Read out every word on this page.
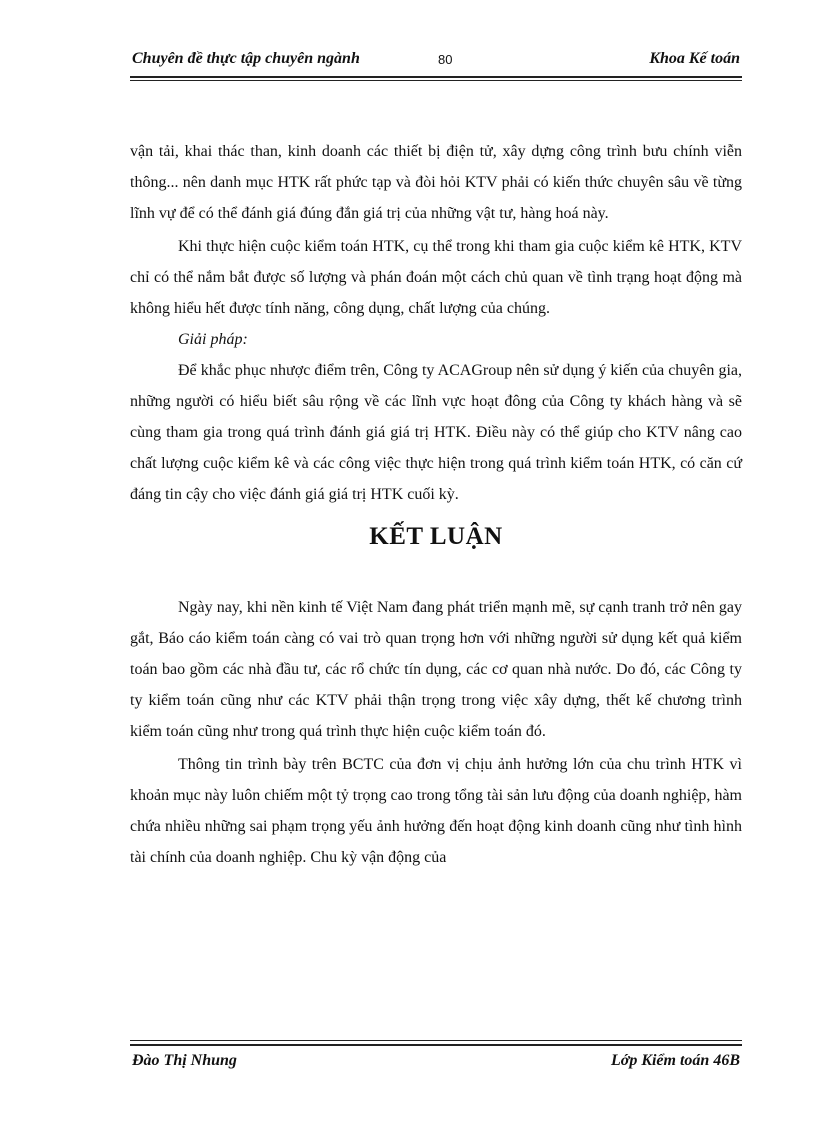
Chuyên đề thực tập chuyên ngành	80	Khoa Kế toán

vận tải, khai thác than, kinh doanh các thiết bị điện tử, xây dựng công trình bưu chính viễn thông... nên danh mục HTK rất phức tạp và đòi hỏi KTV phải có kiến thức chuyên sâu về từng lĩnh vự để có thể đánh giá đúng đắn giá trị của những vật tư, hàng hoá này.

Khi thực hiện cuộc kiểm toán HTK, cụ thể trong khi tham gia cuộc kiểm kê HTK, KTV chỉ có thể nắm bắt được số lượng và phán đoán một cách chủ quan về tình trạng hoạt động mà không hiểu hết được tính năng, công dụng, chất lượng của chúng.

Giải pháp:

Để khắc phục nhược điểm trên, Công ty ACAGroup nên sử dụng ý kiến của chuyên gia, những người có hiểu biết sâu rộng về các lĩnh vực hoạt đông của Công ty khách hàng và sẽ cùng tham gia trong quá trình đánh giá giá trị HTK. Điều này có thể giúp cho KTV nâng cao chất lượng cuộc kiểm kê và các công việc thực hiện trong quá trình kiểm toán HTK, có căn cứ đáng tin cậy cho việc đánh giá giá trị HTK cuối kỳ.

KẾT LUẬN

Ngày nay, khi nền kinh tế Việt Nam đang phát triển mạnh mẽ, sự cạnh tranh trở nên gay gắt, Báo cáo kiểm toán càng có vai trò quan trọng hơn với những người sử dụng kết quả kiểm toán bao gồm các nhà đầu tư, các rổ chức tín dụng, các cơ quan nhà nước. Do đó, các Công ty ty kiểm toán cũng như các KTV phải thận trọng trong việc xây dựng, thết kế chương trình kiểm toán cũng như trong quá trình thực hiện cuộc kiểm toán đó.

Thông tin trình bày trên BCTC của đơn vị chịu ảnh hưởng lớn của chu trình HTK vì khoản mục này luôn chiếm một tỷ trọng cao trong tổng tài sản lưu động của doanh nghiệp, hàm chứa nhiều những sai phạm trọng yếu ảnh hưởng đến hoạt động kinh doanh cũng như tình hình tài chính của doanh nghiệp. Chu kỳ vận động của

Đào Thị Nhung	Lớp Kiểm toán 46B
